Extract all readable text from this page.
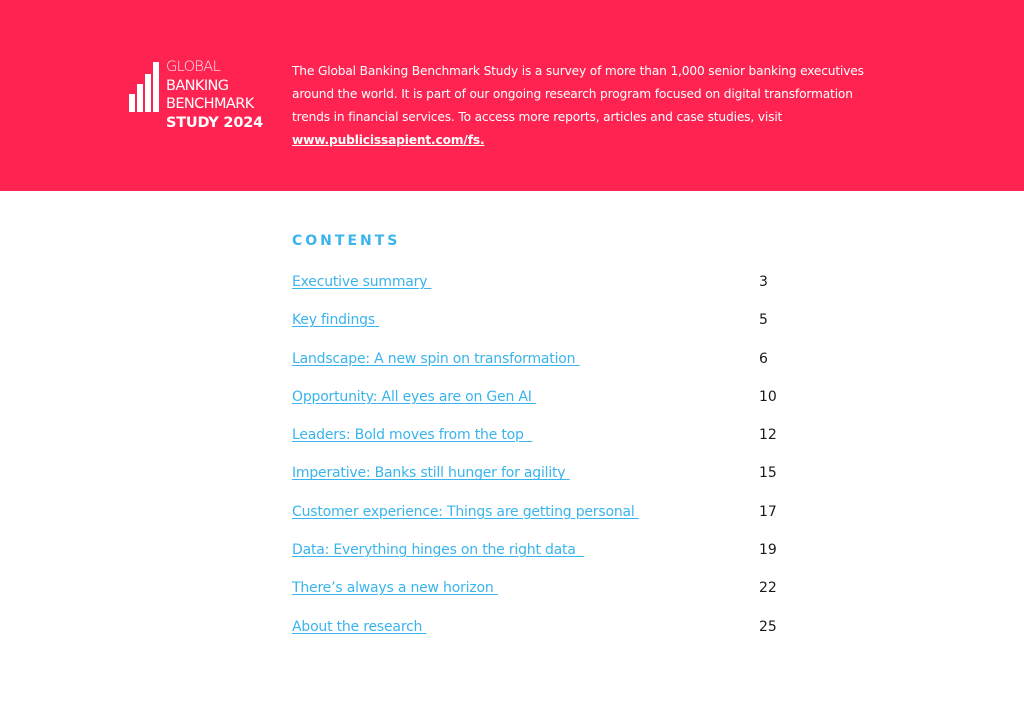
GLOBAL
BANKING
BENCHMARK
STUDY 2024
The Global Banking Benchmark Study is a survey of more than 1,000 senior banking executives around the world. It is part of our ongoing research program focused on digital transformation trends in financial services. To access more reports, articles and case studies, visit www.publicissapient.com/fs.
CONTENTS
Executive summary	3
Key findings	5
Landscape: A new spin on transformation	6
Opportunity: All eyes are on Gen AI	10
Leaders: Bold moves from the top	12
Imperative: Banks still hunger for agility	15
Customer experience: Things are getting personal	17
Data: Everything hinges on the right data	19
There’s always a new horizon	22
About the research	25
